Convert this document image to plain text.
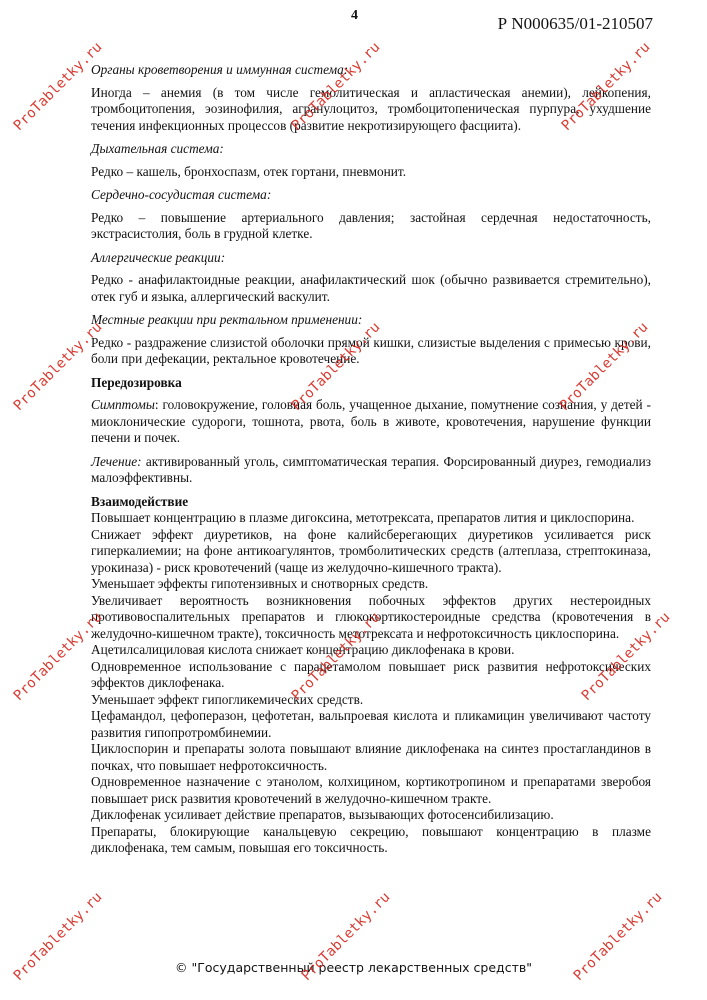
4	Р N000635/01-210507

Органы кроветворения и иммунная система:

Иногда – анемия (в том числе гемолитическая и апластическая анемии), лейкопения, тромбоцитопения, эозинофилия, агранулоцитоз, тромбоцитопеническая пурпура, ухудшение течения инфекционных процессов (развитие некротизирующего фасциита).

Дыхательная система:

Редко – кашель, бронхоспазм, отек гортани, пневмонит.

Сердечно-сосудистая система:

Редко – повышение артериального давления; застойная сердечная недостаточность, экстрасистолия, боль в грудной клетке.

Аллергические реакции:

Редко - анафилактоидные реакции, анафилактический шок (обычно развивается стремительно), отек губ и языка, аллергический васкулит.

Местные реакции при ректальном применении:

Редко - раздражение слизистой оболочки прямой кишки, слизистые выделения с примесью крови, боли при дефекации, ректальное кровотечение.

Передозировка

Симптомы: головокружение, головная боль, учащенное дыхание, помутнение сознания, у детей - миоклонические судороги, тошнота, рвота, боль в животе, кровотечения, нарушение функции печени и почек.

Лечение: активированный уголь, симптоматическая терапия. Форсированный диурез, гемодиализ малоэффективны.

Взаимодействие

Повышает концентрацию в плазме дигоксина, метотрексата, препаратов лития и циклоспорина.

Снижает эффект диуретиков, на фоне калийсберегающих диуретиков усиливается риск гиперкалиемии; на фоне антикоагулянтов, тромболитических средств (алтеплаза, стрептокиназа, урокиназа) - риск кровотечений (чаще из желудочно-кишечного тракта).

Уменьшает эффекты гипотензивных и снотворных средств.

Увеличивает вероятность возникновения побочных эффектов других нестероидных противовоспалительных препаратов и глюкокортикостероидные средства (кровотечения в желудочно-кишечном тракте), токсичность метотрексата и нефротоксичность циклоспорина.

Ацетилсалициловая кислота снижает концентрацию диклофенака в крови.

Одновременное использование с парацетамолом повышает риск развития нефротоксических эффектов диклофенака.

Уменьшает эффект гипогликемических средств.

Цефамандол, цефоперазон, цефотетан, вальпроевая кислота и пликамицин увеличивают частоту развития гипопротромбинемии.

Циклоспорин и препараты золота повышают влияние диклофенака на синтез простагландинов в почках, что повышает нефротоксичность.

Одновременное назначение с этанолом, колхицином, кортикотропином и препаратами зверобоя повышает риск развития кровотечений в желудочно-кишечном тракте.

Диклофенак усиливает действие препаратов, вызывающих фотосенсибилизацию.

Препараты, блокирующие канальцевую секрецию, повышают концентрацию в плазме диклофенака, тем самым, повышая его токсичность.

© "Государственный реестр лекарственных средств"
ProTabletky.ru	ProTabletky.ru	ProTabletky.ru
ProTabletky.ru	ProTabletky.ru	ProTabletky.ru
ProTabletky.ru	ProTabletky.ru	ProTabletky.ru
ProTabletky.ru	ProTabletky.ru	ProTabletky.ru
